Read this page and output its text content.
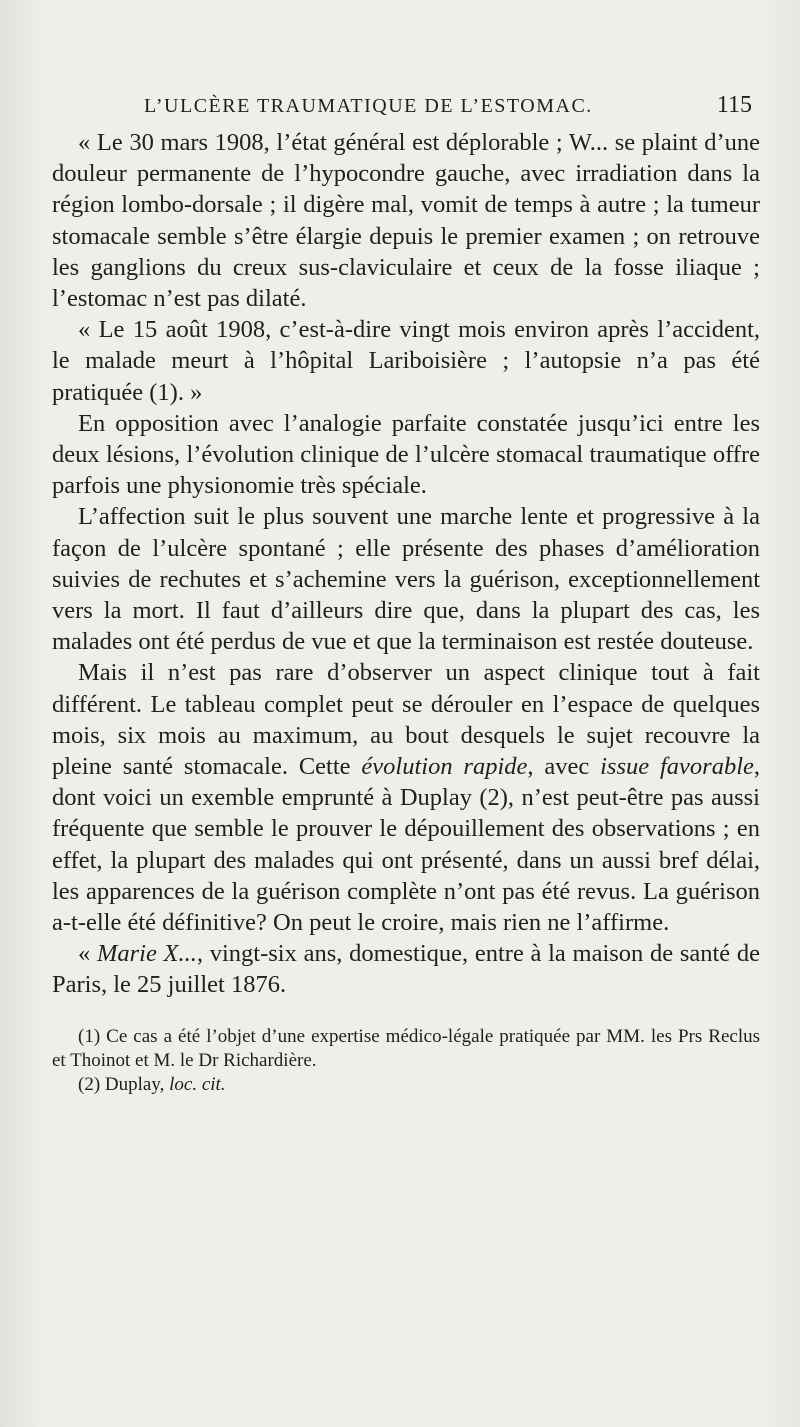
L’ULCÈRE TRAUMATIQUE DE L’ESTOMAC.	115

« Le 30 mars 1908, l’état général est déplorable ; W... se plaint d’une douleur permanente de l’hypocondre gauche, avec irradiation dans la région lombo-dorsale ; il digère mal, vomit de temps à autre ; la tumeur stomacale semble s’être élargie depuis le premier examen ; on retrouve les ganglions du creux sus-claviculaire et ceux de la fosse iliaque ; l’estomac n’est pas dilaté.

« Le 15 août 1908, c’est-à-dire vingt mois environ après l’accident, le malade meurt à l’hôpital Lariboisière ; l’autopsie n’a pas été pratiquée (1). »

En opposition avec l’analogie parfaite constatée jusqu’ici entre les deux lésions, l’évolution clinique de l’ulcère stomacal traumatique offre parfois une physionomie très spéciale.

L’affection suit le plus souvent une marche lente et progressive à la façon de l’ulcère spontané ; elle présente des phases d’amélioration suivies de rechutes et s’achemine vers la guérison, exceptionnellement vers la mort. Il faut d’ailleurs dire que, dans la plupart des cas, les malades ont été perdus de vue et que la terminaison est restée douteuse.

Mais il n’est pas rare d’observer un aspect clinique tout à fait différent. Le tableau complet peut se dérouler en l’espace de quelques mois, six mois au maximum, au bout desquels le sujet recouvre la pleine santé stomacale. Cette évolution rapide, avec issue favorable, dont voici un exemble emprunté à Duplay (2), n’est peut-être pas aussi fréquente que semble le prouver le dépouillement des observations ; en effet, la plupart des malades qui ont présenté, dans un aussi bref délai, les apparences de la guérison complète n’ont pas été revus. La guérison a-t-elle été définitive? On peut le croire, mais rien ne l’affirme.

« Marie X..., vingt-six ans, domestique, entre à la maison de santé de Paris, le 25 juillet 1876.

(1) Ce cas a été l’objet d’une expertise médico-légale pratiquée par MM. les Prs Reclus et Thoinot et M. le Dr Richardière.

(2) Duplay, loc. cit.
